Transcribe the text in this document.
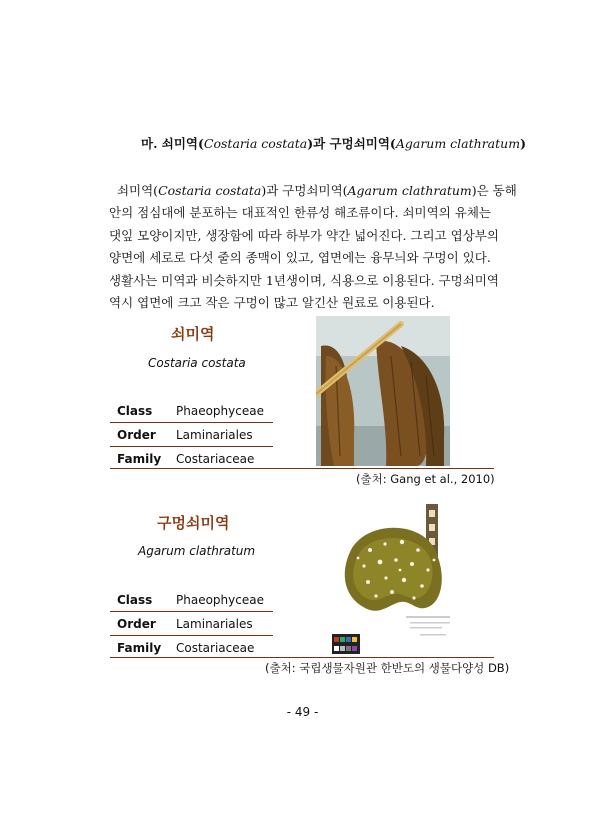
마. 쇠미역(Costaria costata)과 구멍쇠미역(Agarum clathratum)
쇠미역(Costaria costata)과 구멍쇠미역(Agarum clathratum)은 동해
안의 점심대에 분포하는 대표적인 한류성 해조류이다. 쇠미역의 유체는
댓잎 모양이지만, 생장함에 따라 하부가 약간 넓어진다. 그리고 엽상부의
양면에 세로로 다섯 줄의 종맥이 있고, 엽면에는 융무늬와 구멍이 있다.
생활사는 미역과 비슷하지만 1년생이며, 식용으로 이용된다. 구멍쇠미역
역시 엽면에 크고 작은 구멍이 많고 알긴산 원료로 이용된다.
쇠미역
Costaria costata
Class Phaeophyceae
Order Laminariales
Family Costariaceae
(출처: Gang et al., 2010)
구멍쇠미역
Agarum clathratum
Class Phaeophyceae
Order Laminariales
Family Costariaceae
(출처: 국립생물자원관 한반도의 생물다양성 DB)
- 49 -
